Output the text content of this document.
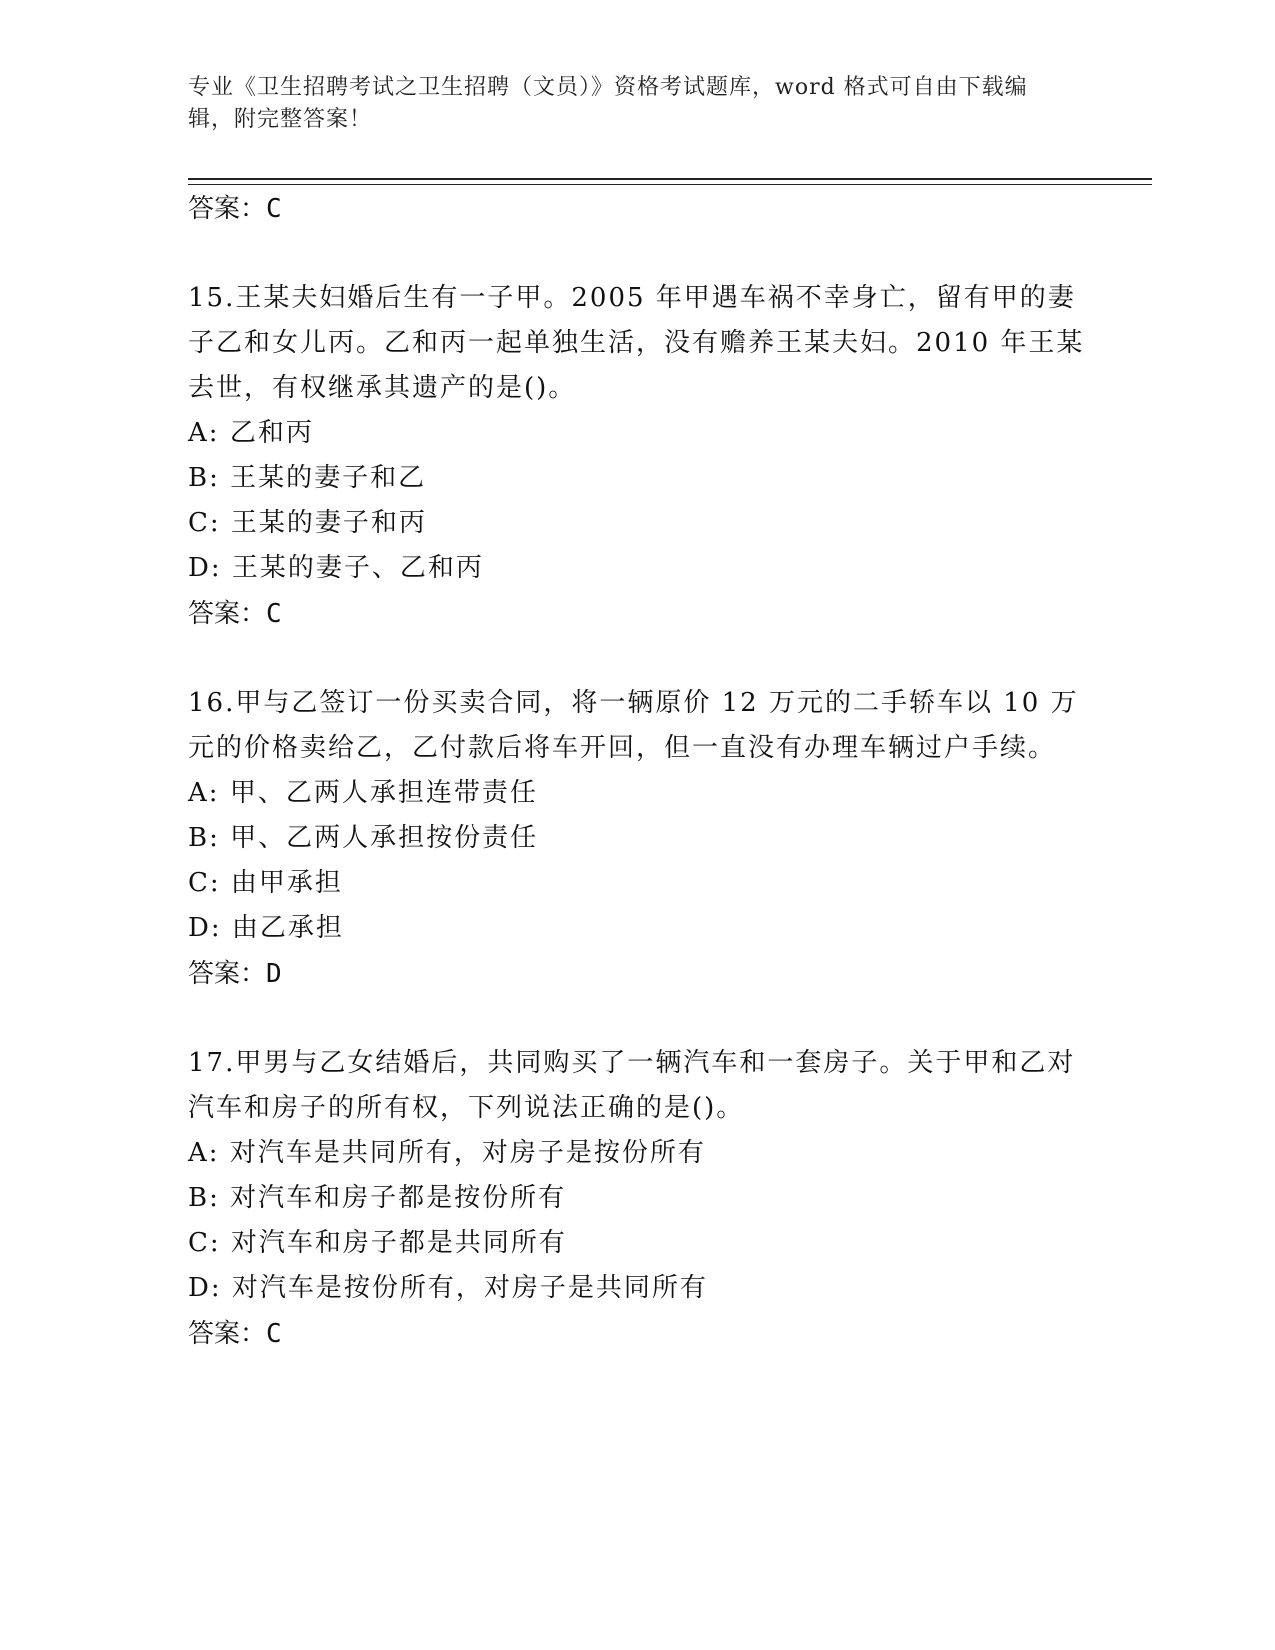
专业《卫生招聘考试之卫生招聘（文员）》资格考试题库，word 格式可自由下载编辑，附完整答案！
答案：C
15.王某夫妇婚后生有一子甲。2005 年甲遇车祸不幸身亡，留有甲的妻子乙和女儿丙。乙和丙一起单独生活，没有赡养王某夫妇。2010 年王某去世，有权继承其遗产的是()。
A: 乙和丙
B: 王某的妻子和乙
C: 王某的妻子和丙
D: 王某的妻子、乙和丙
答案：C
16.甲与乙签订一份买卖合同，将一辆原价 12 万元的二手轿车以 10 万元的价格卖给乙，乙付款后将车开回，但一直没有办理车辆过户手续。
A: 甲、乙两人承担连带责任
B: 甲、乙两人承担按份责任
C: 由甲承担
D: 由乙承担
答案：D
17.甲男与乙女结婚后，共同购买了一辆汽车和一套房子。关于甲和乙对汽车和房子的所有权，下列说法正确的是()。
A: 对汽车是共同所有，对房子是按份所有
B: 对汽车和房子都是按份所有
C: 对汽车和房子都是共同所有
D: 对汽车是按份所有，对房子是共同所有
答案：C
